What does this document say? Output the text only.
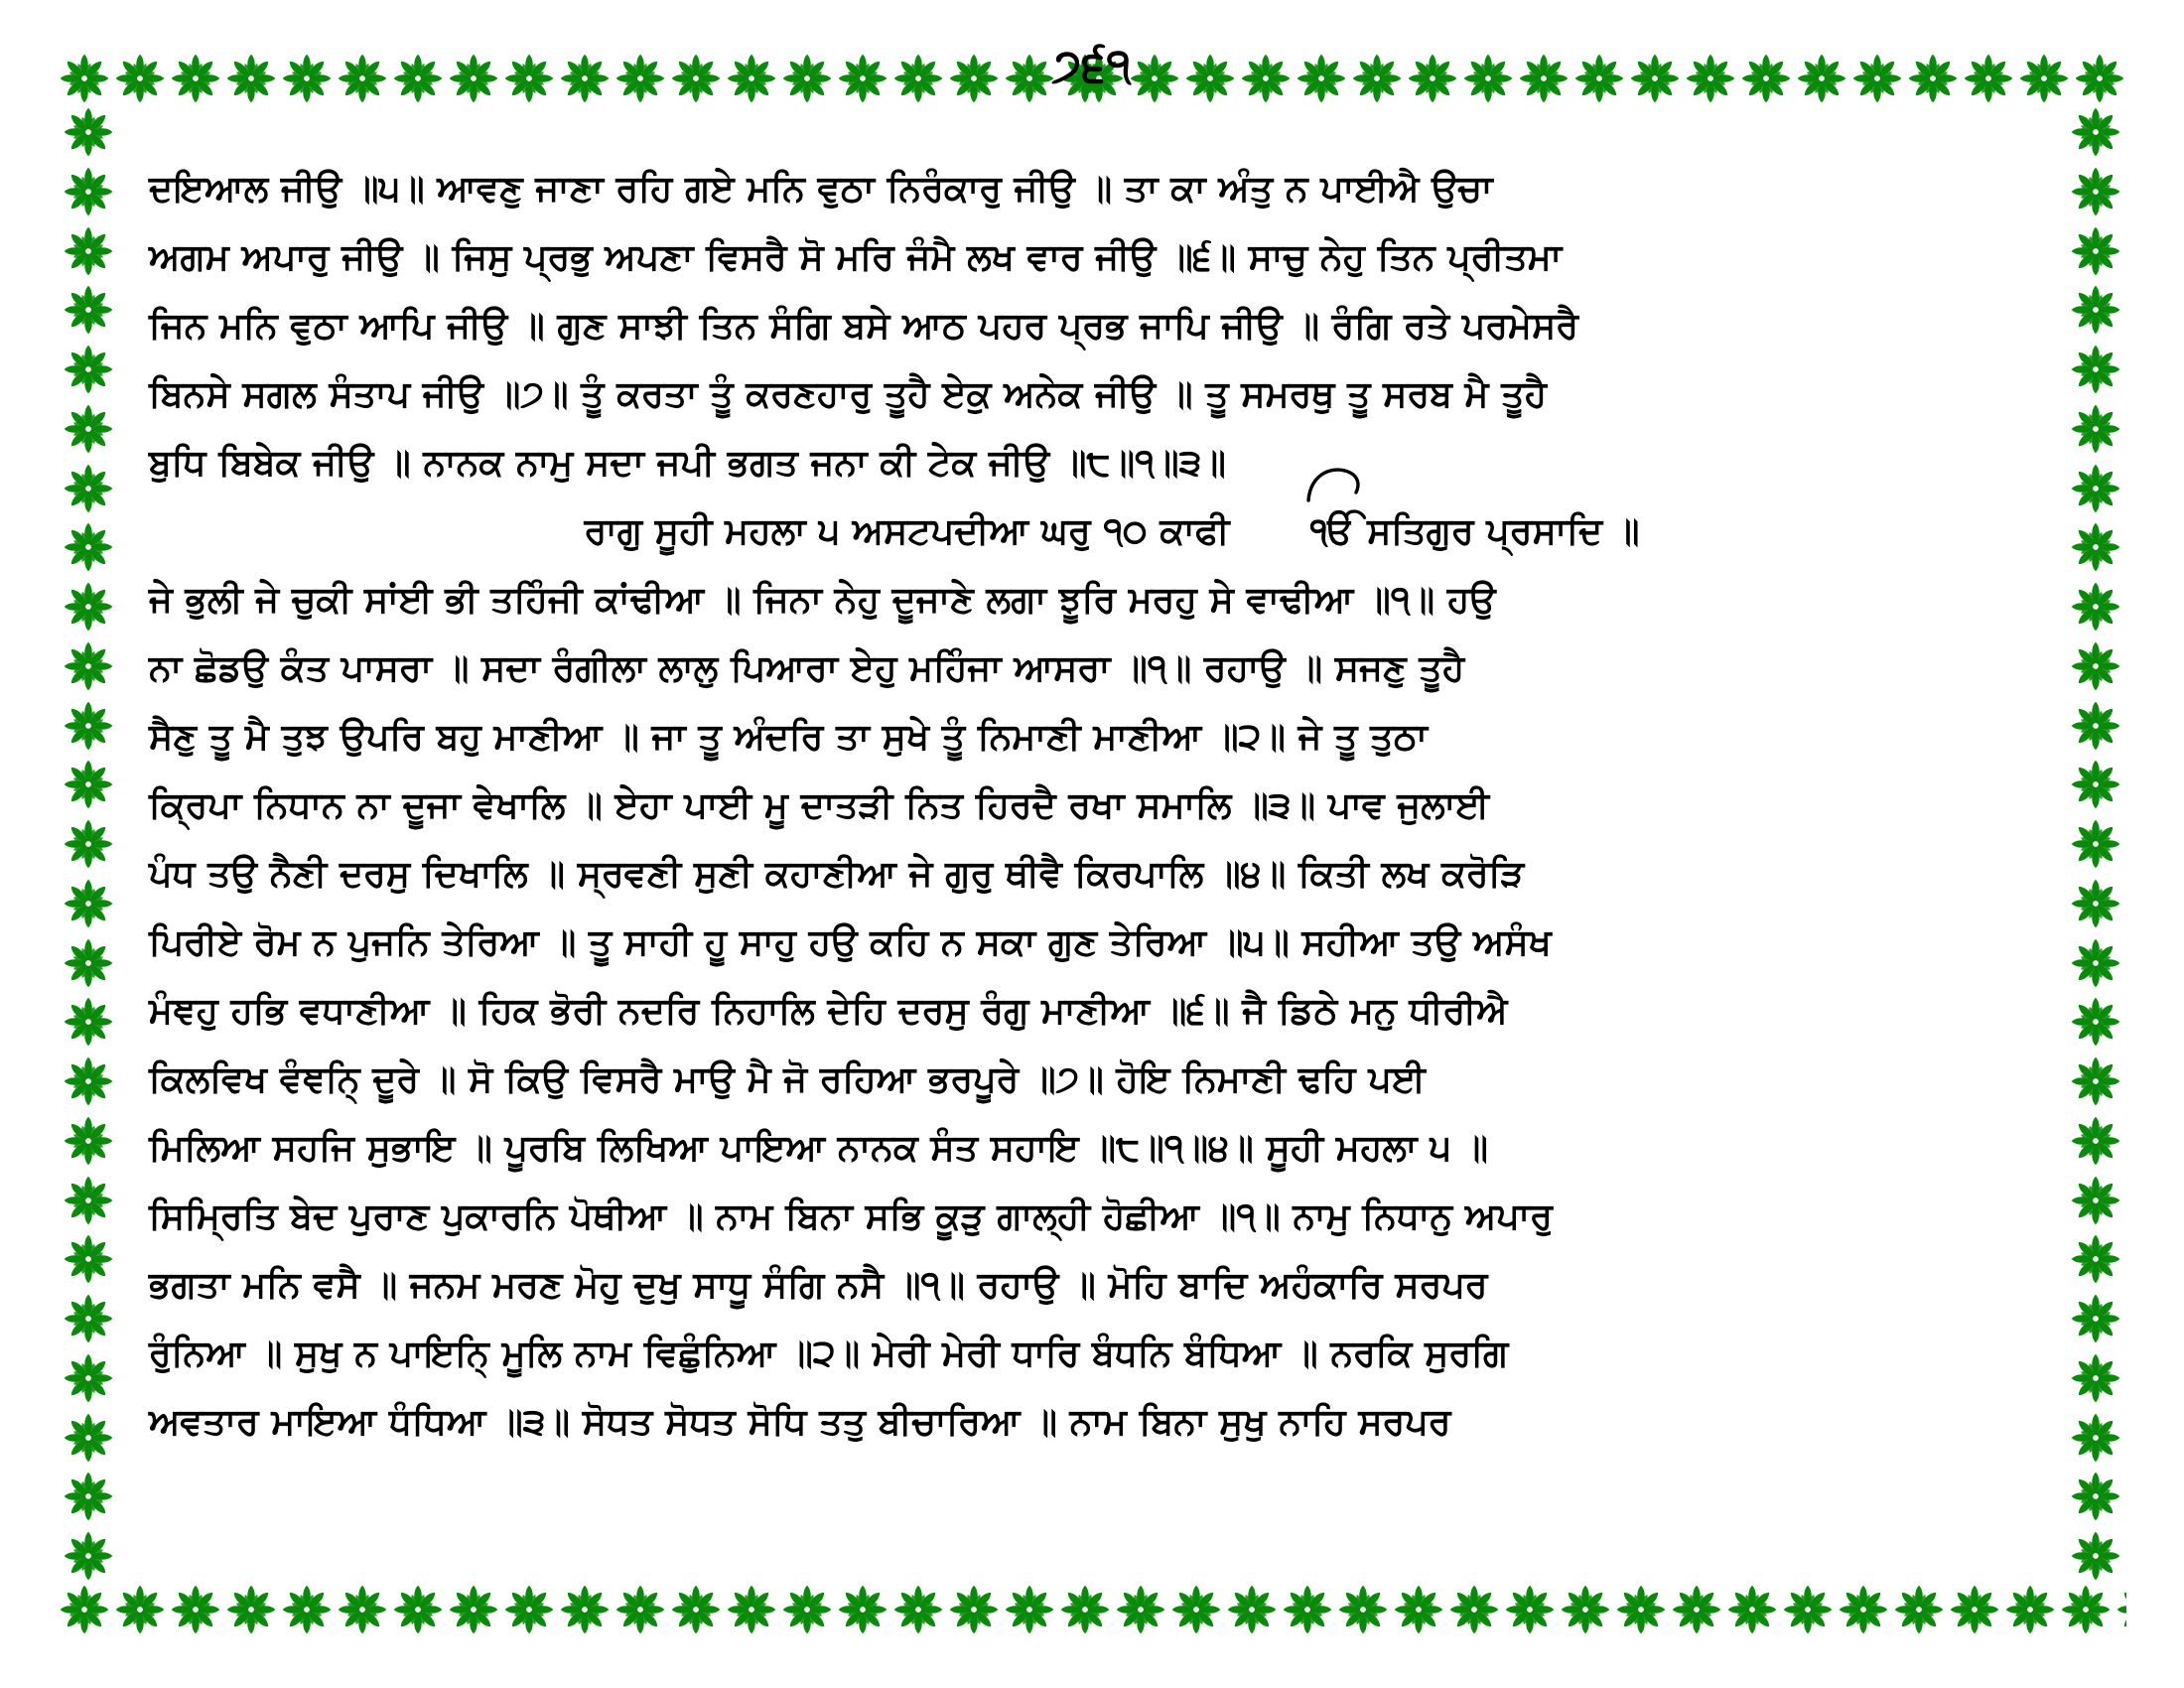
੭੬੧
ਦਇਆਲ ਜੀਉ ॥੫॥ ਆਵਣੁ ਜਾਣਾ ਰਹਿ ਗਏ ਮਨਿ ਵੁਠਾ ਨਿਰੰਕਾਰੁ ਜੀਉ ॥ ਤਾ ਕਾ ਅੰਤੁ ਨ ਪਾਈਐ ਉਚਾ
ਅਗਮ ਅਪਾਰੁ ਜੀਉ ॥ ਜਿਸੁ ਪ੍ਰਭੁ ਅਪਣਾ ਵਿਸਰੈ ਸੋ ਮਰਿ ਜੰਮੈ ਲਖ ਵਾਰ ਜੀਉ ॥੬॥ ਸਾਚੁ ਨੇਹੁ ਤਿਨ ਪ੍ਰੀਤਮਾ
ਜਿਨ ਮਨਿ ਵੁਠਾ ਆਪਿ ਜੀਉ ॥ ਗੁਣ ਸਾਝੀ ਤਿਨ ਸੰਗਿ ਬਸੇ ਆਠ ਪਹਰ ਪ੍ਰਭ ਜਾਪਿ ਜੀਉ ॥ ਰੰਗਿ ਰਤੇ ਪਰਮੇਸਰੈ
ਬਿਨਸੇ ਸਗਲ ਸੰਤਾਪ ਜੀਉ ॥੭॥ ਤੂੰ ਕਰਤਾ ਤੂੰ ਕਰਣਹਾਰੁ ਤੂਹੈ ਏਕੁ ਅਨੇਕ ਜੀਉ ॥ ਤੂ ਸਮਰਥੁ ਤੂ ਸਰਬ ਮੈ ਤੂਹੈ
ਬੁਧਿ ਬਿਬੇਕ ਜੀਉ ॥ ਨਾਨਕ ਨਾਮੁ ਸਦਾ ਜਪੀ ਭਗਤ ਜਨਾ ਕੀ ਟੇਕ ਜੀਉ ॥੮॥੧॥੩॥
ਰਾਗੁ ਸੂਹੀ ਮਹਲਾ ੫ ਅਸਟਪਦੀਆ ਘਰੁ ੧੦ ਕਾਫੀ ੴ ਸਤਿਗੁਰ ਪ੍ਰਸਾਦਿ ॥
ਜੇ ਭੁਲੀ ਜੇ ਚੁਕੀ ਸਾਂਈ ਭੀ ਤਹਿੰਜੀ ਕਾਂਢੀਆ ॥ ਜਿਨਾ ਨੇਹੁ ਦੂਜਾਣੇ ਲਗਾ ਝੂਰਿ ਮਰਹੁ ਸੇ ਵਾਢੀਆ ॥੧॥ ਹਉ
ਨਾ ਛੋਡਉ ਕੰਤ ਪਾਸਰਾ ॥ ਸਦਾ ਰੰਗੀਲਾ ਲਾਲੁ ਪਿਆਰਾ ਏਹੁ ਮਹਿੰਜਾ ਆਸਰਾ ॥੧॥ ਰਹਾਉ ॥ ਸਜਣੁ ਤੂਹੈ
ਸੈਣੁ ਤੂ ਮੈ ਤੁਝ ਉਪਰਿ ਬਹੁ ਮਾਣੀਆ ॥ ਜਾ ਤੂ ਅੰਦਰਿ ਤਾ ਸੁਖੇ ਤੂੰ ਨਿਮਾਣੀ ਮਾਣੀਆ ॥੨॥ ਜੇ ਤੂ ਤੁਠਾ
ਕ੍ਰਿਪਾ ਨਿਧਾਨ ਨਾ ਦੂਜਾ ਵੇਖਾਲਿ ॥ ਏਹਾ ਪਾਈ ਮੂ ਦਾਤੜੀ ਨਿਤ ਹਿਰਦੈ ਰਖਾ ਸਮਾਲਿ ॥੩॥ ਪਾਵ ਜੁਲਾਈ
ਪੰਧ ਤਉ ਨੈਣੀ ਦਰਸੁ ਦਿਖਾਲਿ ॥ ਸ੍ਰਵਣੀ ਸੁਣੀ ਕਹਾਣੀਆ ਜੇ ਗੁਰੁ ਥੀਵੈ ਕਿਰਪਾਲਿ ॥੪॥ ਕਿਤੀ ਲਖ ਕਰੋੜਿ
ਪਿਰੀਏ ਰੋਮ ਨ ਪੁਜਨਿ ਤੇਰਿਆ ॥ ਤੂ ਸਾਹੀ ਹੂ ਸਾਹੁ ਹਉ ਕਹਿ ਨ ਸਕਾ ਗੁਣ ਤੇਰਿਆ ॥੫॥ ਸਹੀਆ ਤਉ ਅਸੰਖ
ਮੰਞਹੁ ਹਭਿ ਵਧਾਣੀਆ ॥ ਹਿਕ ਭੋਰੀ ਨਦਰਿ ਨਿਹਾਲਿ ਦੇਹਿ ਦਰਸੁ ਰੰਗੁ ਮਾਣੀਆ ॥੬॥ ਜੈ ਡਿਠੇ ਮਨੁ ਧੀਰੀਐ
ਕਿਲਵਿਖ ਵੰਞਨਿ੍ ਦੂਰੇ ॥ ਸੋ ਕਿਉ ਵਿਸਰੈ ਮਾਉ ਮੈ ਜੋ ਰਹਿਆ ਭਰਪੂਰੇ ॥੭॥ ਹੋਇ ਨਿਮਾਣੀ ਢਹਿ ਪਈ
ਮਿਲਿਆ ਸਹਜਿ ਸੁਭਾਇ ॥ ਪੂਰਬਿ ਲਿਖਿਆ ਪਾਇਆ ਨਾਨਕ ਸੰਤ ਸਹਾਇ ॥੮॥੧॥੪॥ ਸੂਹੀ ਮਹਲਾ ੫ ॥
ਸਿਮ੍ਰਿਤਿ ਬੇਦ ਪੁਰਾਣ ਪੁਕਾਰਨਿ ਪੋਥੀਆ ॥ ਨਾਮ ਬਿਨਾ ਸਭਿ ਕੂੜੁ ਗਾਲ੍ਹੀ ਹੋਛੀਆ ॥੧॥ ਨਾਮੁ ਨਿਧਾਨੁ ਅਪਾਰੁ
ਭਗਤਾ ਮਨਿ ਵਸੈ ॥ ਜਨਮ ਮਰਣ ਮੋਹੁ ਦੁਖੁ ਸਾਧੂ ਸੰਗਿ ਨਸੈ ॥੧॥ ਰਹਾਉ ॥ ਮੋਹਿ ਬਾਦਿ ਅਹੰਕਾਰਿ ਸਰਪਰ
ਰੁੰਨਿਆ ॥ ਸੁਖੁ ਨ ਪਾਇਨਿ੍ ਮੂਲਿ ਨਾਮ ਵਿਛੁੰਨਿਆ ॥੨॥ ਮੇਰੀ ਮੇਰੀ ਧਾਰਿ ਬੰਧਨਿ ਬੰਧਿਆ ॥ ਨਰਕਿ ਸੁਰਗਿ
ਅਵਤਾਰ ਮਾਇਆ ਧੰਧਿਆ ॥੩॥ ਸੋਧਤ ਸੋਧਤ ਸੋਧਿ ਤਤੁ ਬੀਚਾਰਿਆ ॥ ਨਾਮ ਬਿਨਾ ਸੁਖੁ ਨਾਹਿ ਸਰਪਰ
